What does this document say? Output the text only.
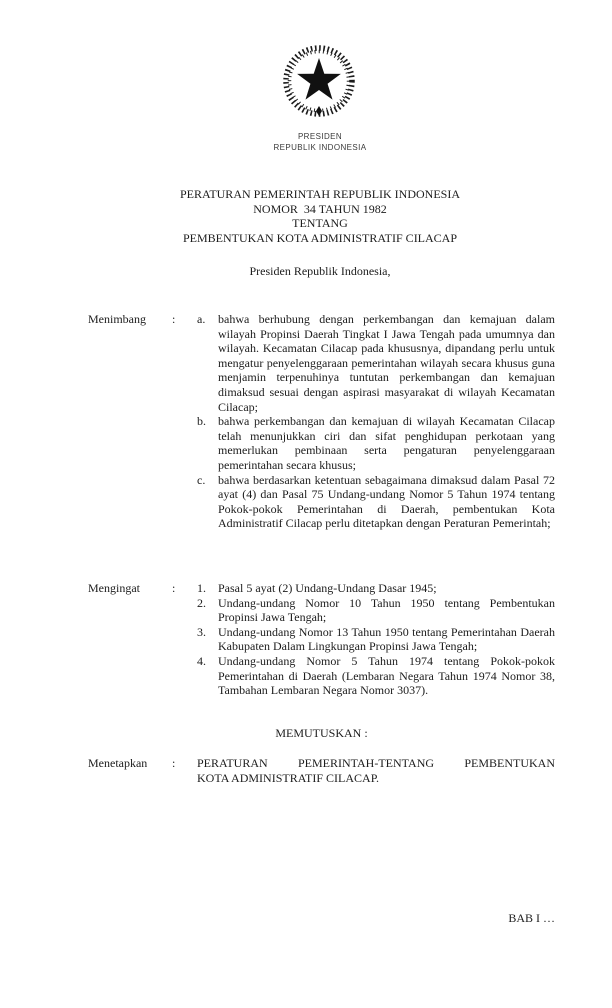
PRESIDEN
REPUBLIK INDONESIA
PERATURAN PEMERINTAH REPUBLIK INDONESIA
NOMOR  34 TAHUN 1982
TENTANG
PEMBENTUKAN KOTA ADMINISTRATIF CILACAP
Presiden Republik Indonesia,
Menimbang	:	a.	bahwa berhubung dengan perkembangan dan kemajuan dalam wilayah Propinsi Daerah Tingkat I Jawa Tengah pada umumnya dan wilayah. Kecamatan Cilacap pada khususnya, dipandang perlu untuk mengatur penyelenggaraan pemerintahan wilayah secara khusus guna menjamin terpenuhinya tuntutan perkembangan dan kemajuan dimaksud sesuai dengan aspirasi masyarakat di wilayah Kecamatan Cilacap;
b.	bahwa perkembangan dan kemajuan di wilayah Kecamatan Cilacap telah menunjukkan ciri dan sifat penghidupan perkotaan yang memerlukan pembinaan serta pengaturan penyelenggaraan pemerintahan secara khusus;
c.	bahwa berdasarkan ketentuan sebagaimana dimaksud dalam Pasal 72 ayat (4) dan Pasal 75 Undang-undang Nomor 5 Tahun 1974 tentang Pokok-pokok Pemerintahan di Daerah, pembentukan Kota Administratif Cilacap perlu ditetapkan dengan Peraturan Pemerintah;
Mengingat	:	1.	Pasal 5 ayat (2) Undang-Undang Dasar 1945;
2.	Undang-undang Nomor 10 Tahun 1950 tentang Pembentukan Propinsi Jawa Tengah;
3.	Undang-undang Nomor 13 Tahun 1950 tentang Pemerintahan Daerah Kabupaten Dalam Lingkungan Propinsi Jawa Tengah;
4.	Undang-undang Nomor 5 Tahun 1974 tentang Pokok-pokok Pemerintahan di Daerah (Lembaran Negara Tahun 1974 Nomor 38, Tambahan Lembaran Negara Nomor 3037).
MEMUTUSKAN :
Menetapkan	:	PERATURAN PEMERINTAH-TENTANG PEMBENTUKAN
KOTA ADMINISTRATIF CILACAP.
BAB I …
